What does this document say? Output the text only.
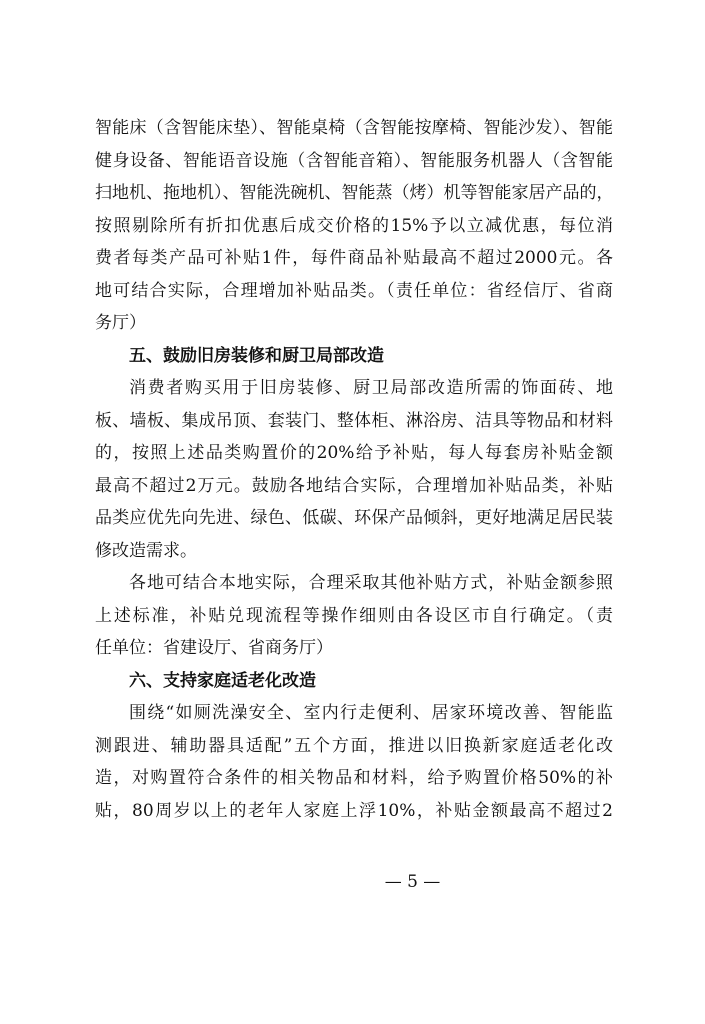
智能床（含智能床垫）、智能桌椅（含智能按摩椅、智能沙发）、智能
健身设备、智能语音设施（含智能音箱）、智能服务机器人（含智能
扫地机、拖地机）、智能洗碗机、智能蒸（烤）机等智能家居产品的，
按照剔除所有折扣优惠后成交价格的15%予以立减优惠，每位消
费者每类产品可补贴1件，每件商品补贴最高不超过2000元。各
地可结合实际，合理增加补贴品类。（责任单位：省经信厅、省商
务厅）
五、鼓励旧房装修和厨卫局部改造
消费者购买用于旧房装修、厨卫局部改造所需的饰面砖、地
板、墙板、集成吊顶、套装门、整体柜、淋浴房、洁具等物品和材料
的，按照上述品类购置价的20%给予补贴，每人每套房补贴金额
最高不超过2万元。鼓励各地结合实际，合理增加补贴品类，补贴
品类应优先向先进、绿色、低碳、环保产品倾斜，更好地满足居民装
修改造需求。
各地可结合本地实际，合理采取其他补贴方式，补贴金额参照
上述标准，补贴兑现流程等操作细则由各设区市自行确定。（责
任单位：省建设厅、省商务厅）
六、支持家庭适老化改造
围绕“如厕洗澡安全、室内行走便利、居家环境改善、智能监
测跟进、辅助器具适配”五个方面，推进以旧换新家庭适老化改
造，对购置符合条件的相关物品和材料，给予购置价格50%的补
贴，80周岁以上的老年人家庭上浮10%，补贴金额最高不超过2
— 5 —
